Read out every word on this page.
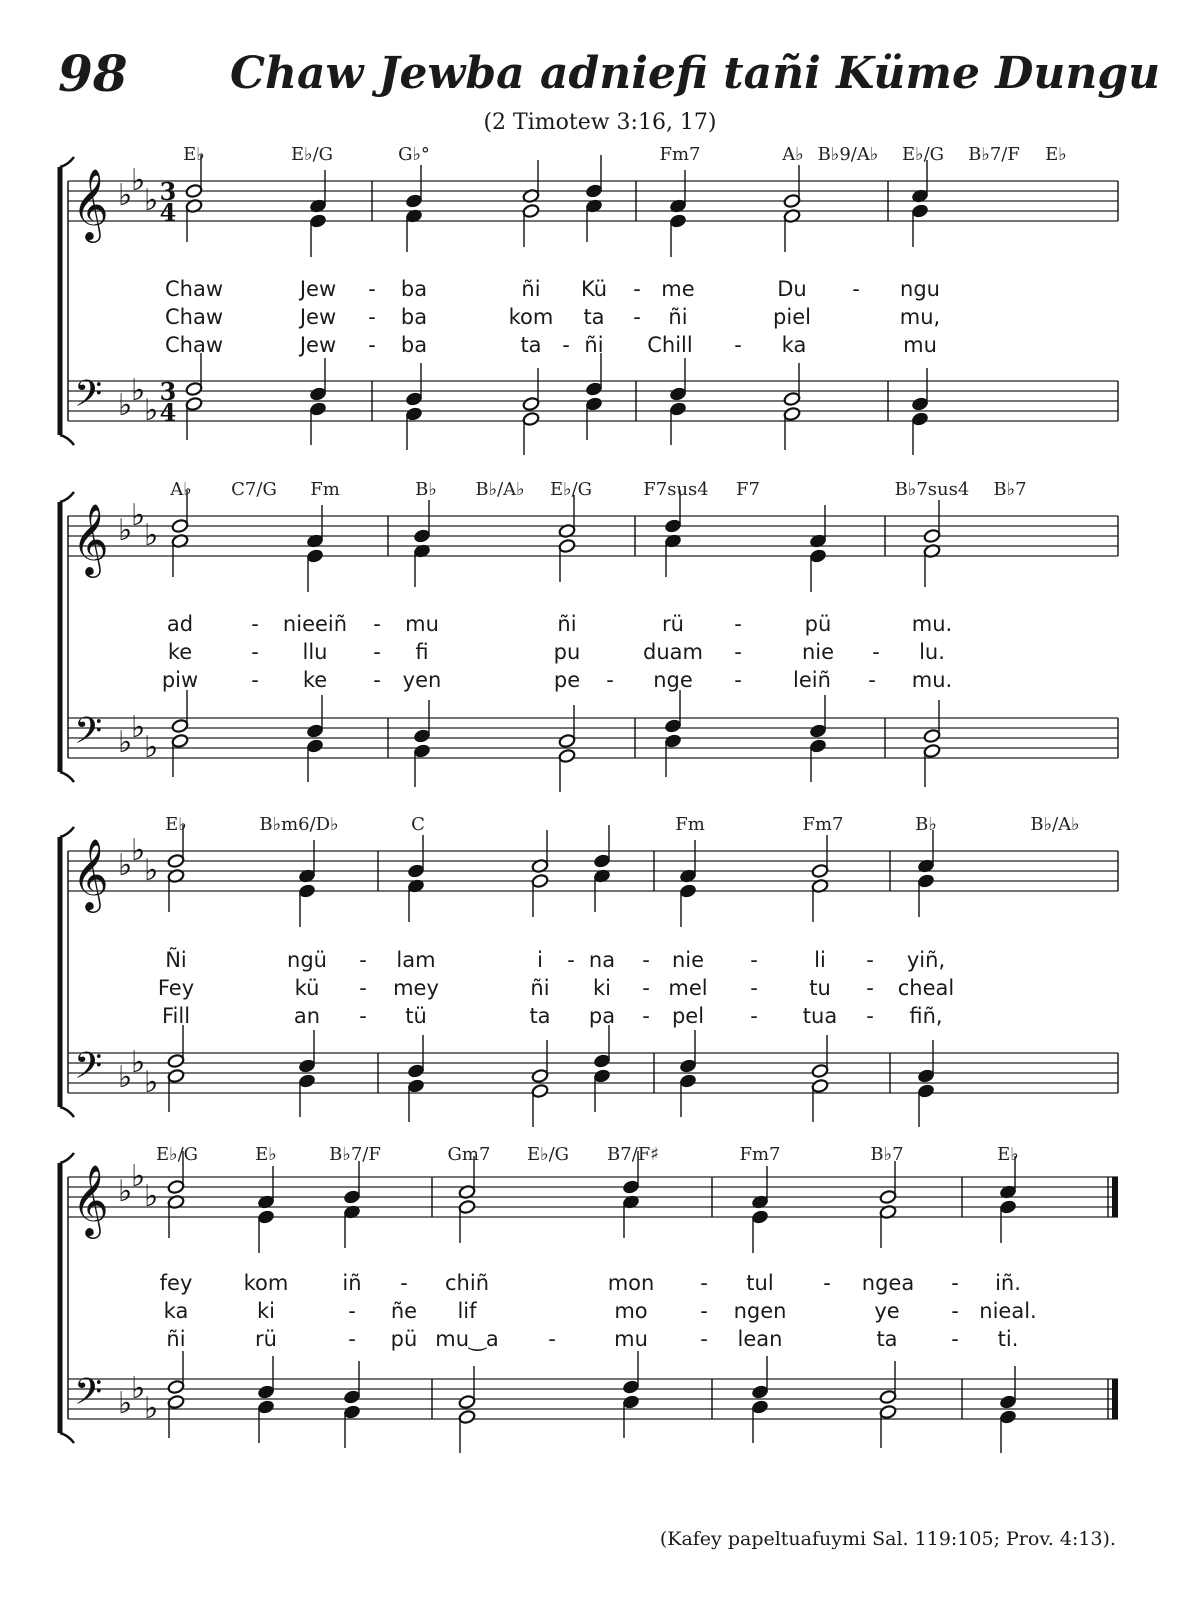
98 Chaw Jewba adniefi tañi Küme Dungu
(2 Timotew 3:16, 17)
𝄞
𝄢
♭
♭
♭
♭
♭
♭
3
4
3
4
E♭	E♭/G	G♭°	Fm7	A♭ B♭9/A♭ E♭/G B♭7/F E♭
Chaw	Jew - ba	ñi Kü - me	Du - ngu
Chaw	Jew - ba	kom ta - ñi	piel	mu,
Chaw	Jew - ba	ta - ñi Chill - ka	mu
𝄞
𝄢
♭
♭
♭
♭
♭
♭
A♭ C7/G Fm	B♭ B♭/A♭ E♭/G	F7sus4 F7	B♭7sus4 B♭7
ad	- nieeiñ - mu	ñi	rü -	pü	mu.
ke	- llu - fi	pu	duam -	nie - lu.
piw	- ke - yen	pe - nge - leiñ - mu.
𝄞
𝄢
♭
♭
♭
♭
♭
♭
E♭	B♭m6/D♭	C	Fm	Fm7	B♭	B♭/A♭
Ñi	ngü - lam	i - na - nie -	li - yiñ,
Fey	kü - mey	ñi ki - mel - tu - cheal
Fill	an - tü	ta pa - pel - tua - fiñ,
𝄞
𝄢
♭
♭
♭
♭
♭
♭
E♭/G	E♭	B♭7/F	Gm7 E♭/G B7/F♯	Fm7	B♭7	E♭
fey kom	iñ - chiñ	mon - tul - ngea - iñ.
ka	ki	- ñe lif	mo	- ngen	ye - nieal.
ñi	rü	- pü mu‿a -	mu - lean	ta	- ti.
(Kafey papeltuafuymi Sal. 119:105; Prov. 4:13).
